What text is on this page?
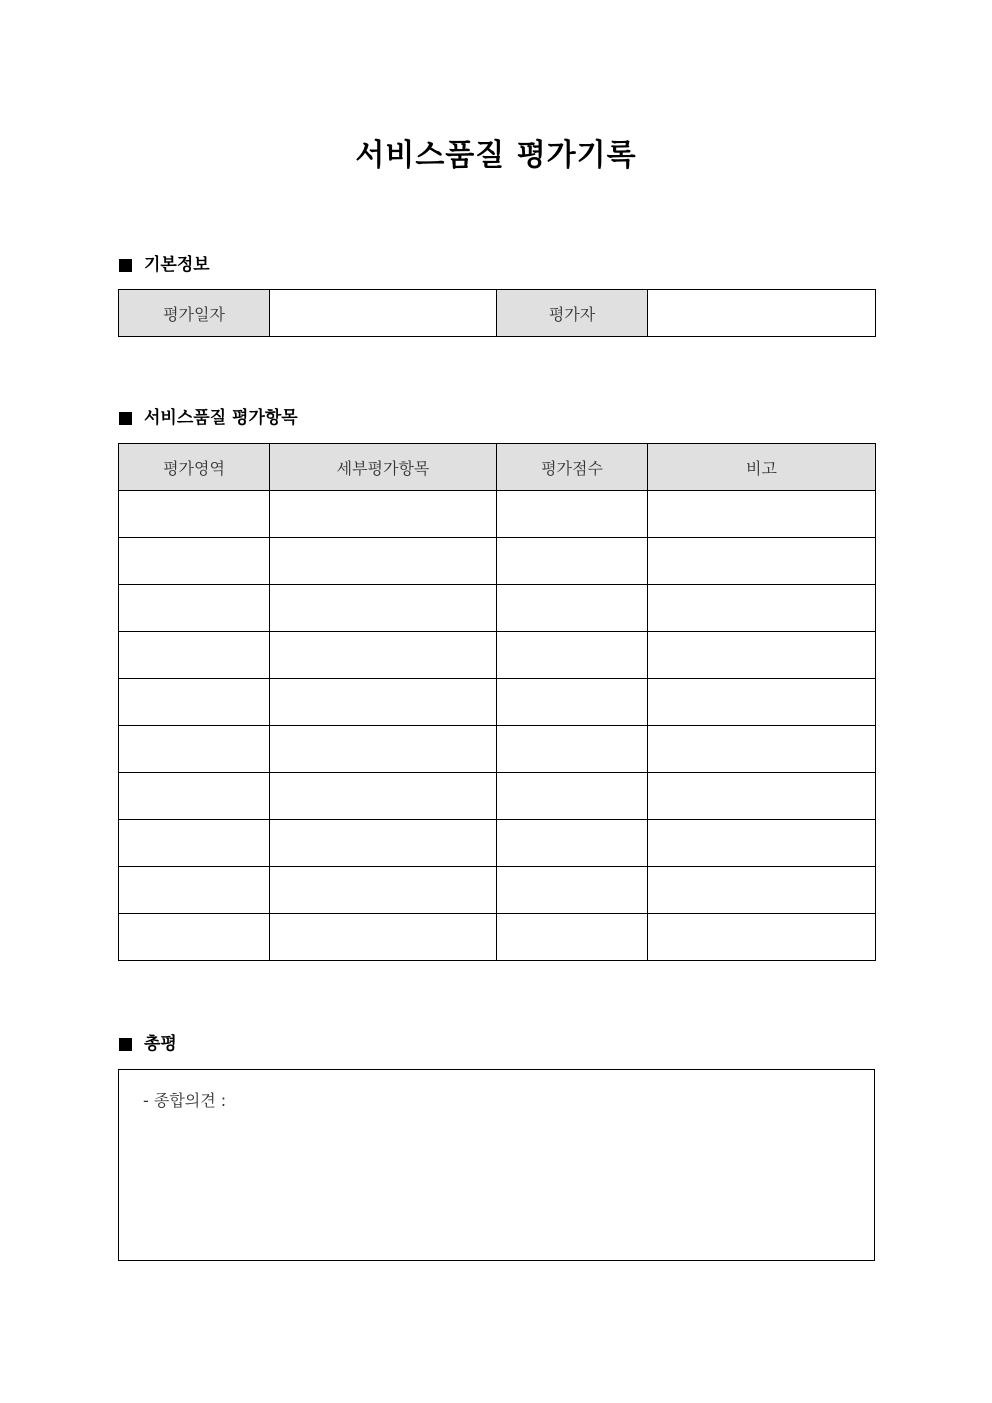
서비스품질 평가기록
기본정보
평가일자		평가자	
서비스품질 평가항목
평가영역	세부평가항목	평가점수	비고

총평
- 종합의견 :
